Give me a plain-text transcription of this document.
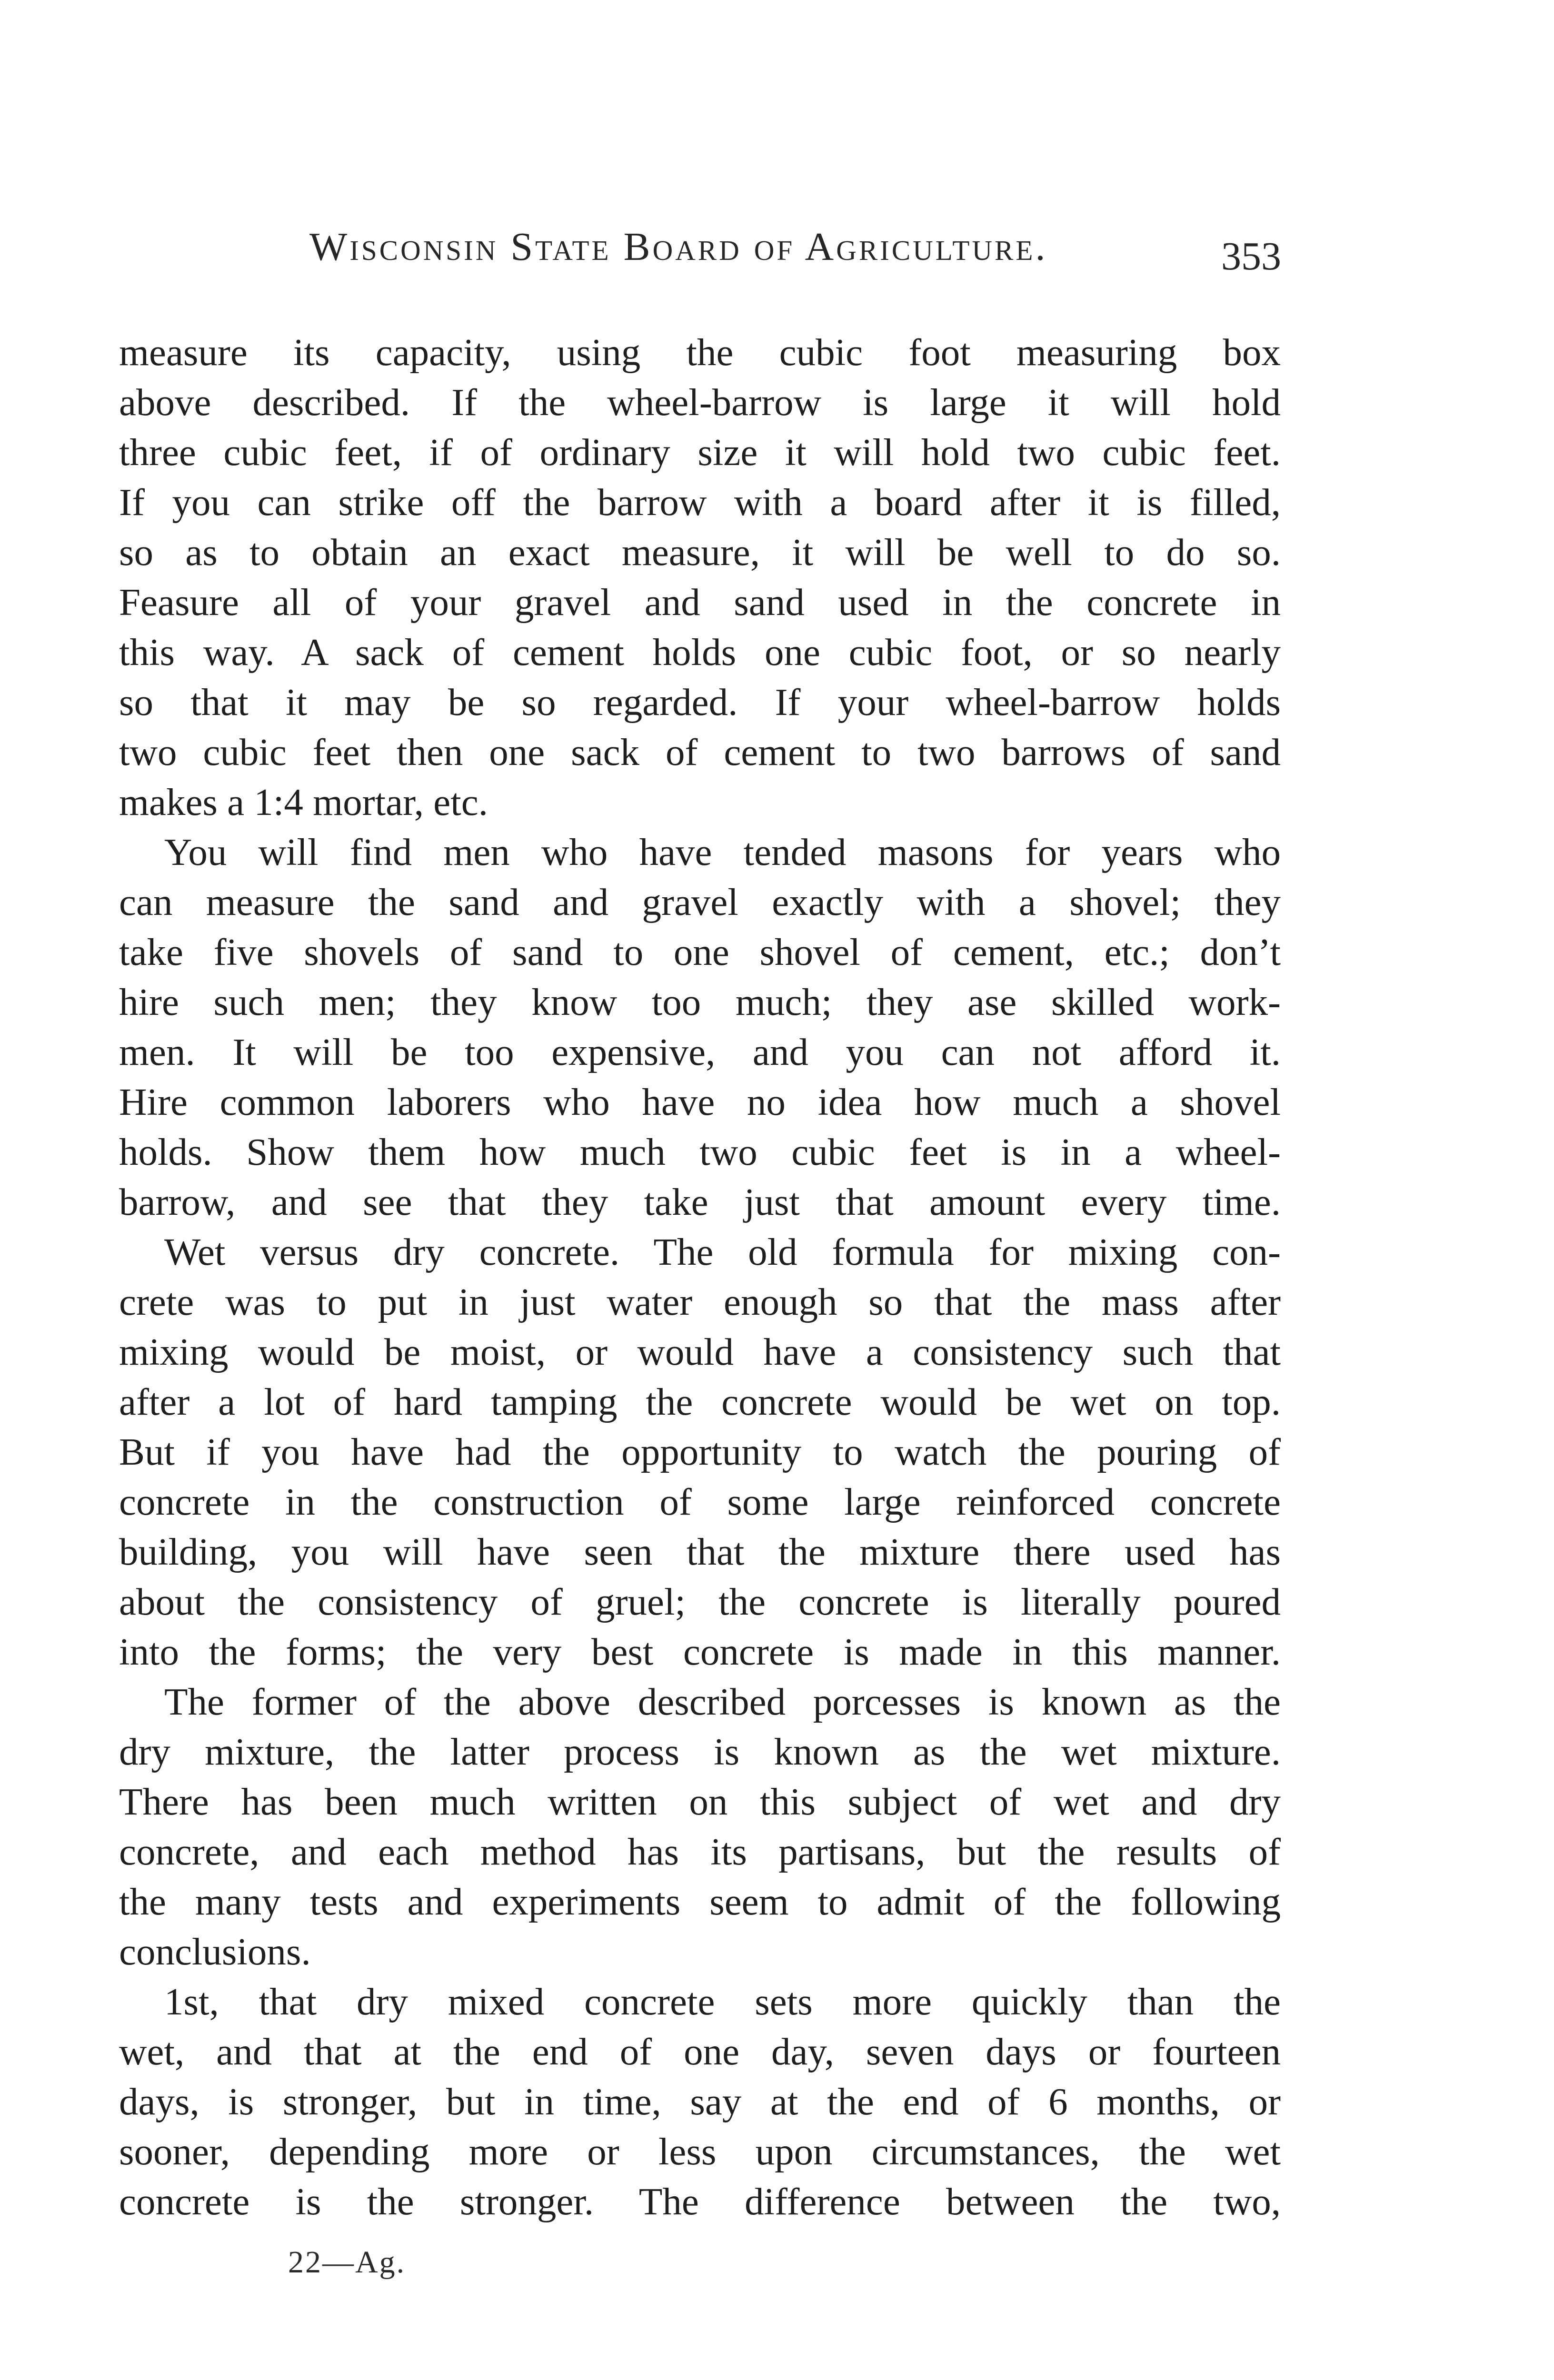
Wisconsin State Board of Agriculture.	353
measure its capacity, using the cubic foot measuring box
above described. If the wheel-barrow is large it will hold
three cubic feet, if of ordinary size it will hold two cubic feet.
If you can strike off the barrow with a board after it is filled,
so as to obtain an exact measure, it will be well to do so.
Feasure all of your gravel and sand used in the concrete in
this way. A sack of cement holds one cubic foot, or so nearly
so that it may be so regarded. If your wheel-barrow holds
two cubic feet then one sack of cement to two barrows of sand
makes a 1:4 mortar, etc.
You will find men who have tended masons for years who
can measure the sand and gravel exactly with a shovel; they
take five shovels of sand to one shovel of cement, etc.; don’t
hire such men; they know too much; they ase skilled work-
men. It will be too expensive, and you can not afford it.
Hire common laborers who have no idea how much a shovel
holds. Show them how much two cubic feet is in a wheel-
barrow, and see that they take just that amount every time.
Wet versus dry concrete. The old formula for mixing con-
crete was to put in just water enough so that the mass after
mixing would be moist, or would have a consistency such that
after a lot of hard tamping the concrete would be wet on top.
But if you have had the opportunity to watch the pouring of
concrete in the construction of some large reinforced concrete
building, you will have seen that the mixture there used has
about the consistency of gruel; the concrete is literally poured
into the forms; the very best concrete is made in this manner.
The former of the above described porcesses is known as the
dry mixture, the latter process is known as the wet mixture.
There has been much written on this subject of wet and dry
concrete, and each method has its partisans, but the results of
the many tests and experiments seem to admit of the following
conclusions.
1st, that dry mixed concrete sets more quickly than the
wet, and that at the end of one day, seven days or fourteen
days, is stronger, but in time, say at the end of 6 months, or
sooner, depending more or less upon circumstances, the wet
concrete is the stronger. The difference between the two,
22—Ag.
